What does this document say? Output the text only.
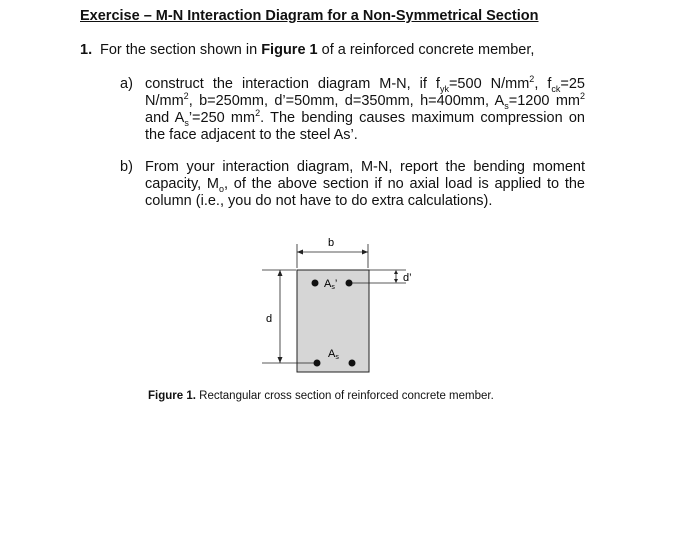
Exercise – M-N Interaction Diagram for a Non-Symmetrical Section
1. For the section shown in Figure 1 of a reinforced concrete member,
a) construct the interaction diagram M-N, if $f_{yk}=500$ $N/mm^2$, $f_{ck}=25$ $N/mm^2$, b=250mm, d’=50mm, d=350mm, h=400mm, $A_s=1200$ $mm^2$ and $A_s’=250$ $mm^2$. The bending causes maximum compression on the face adjacent to the steel As’.
b) From your interaction diagram, M-N, report the bending moment capacity, $M_o$, of the above section if no axial load is applied to the column (i.e., you do not have to do extra calculations).
b
d
d’
As’
As
Figure 1. Rectangular cross section of reinforced concrete member.
